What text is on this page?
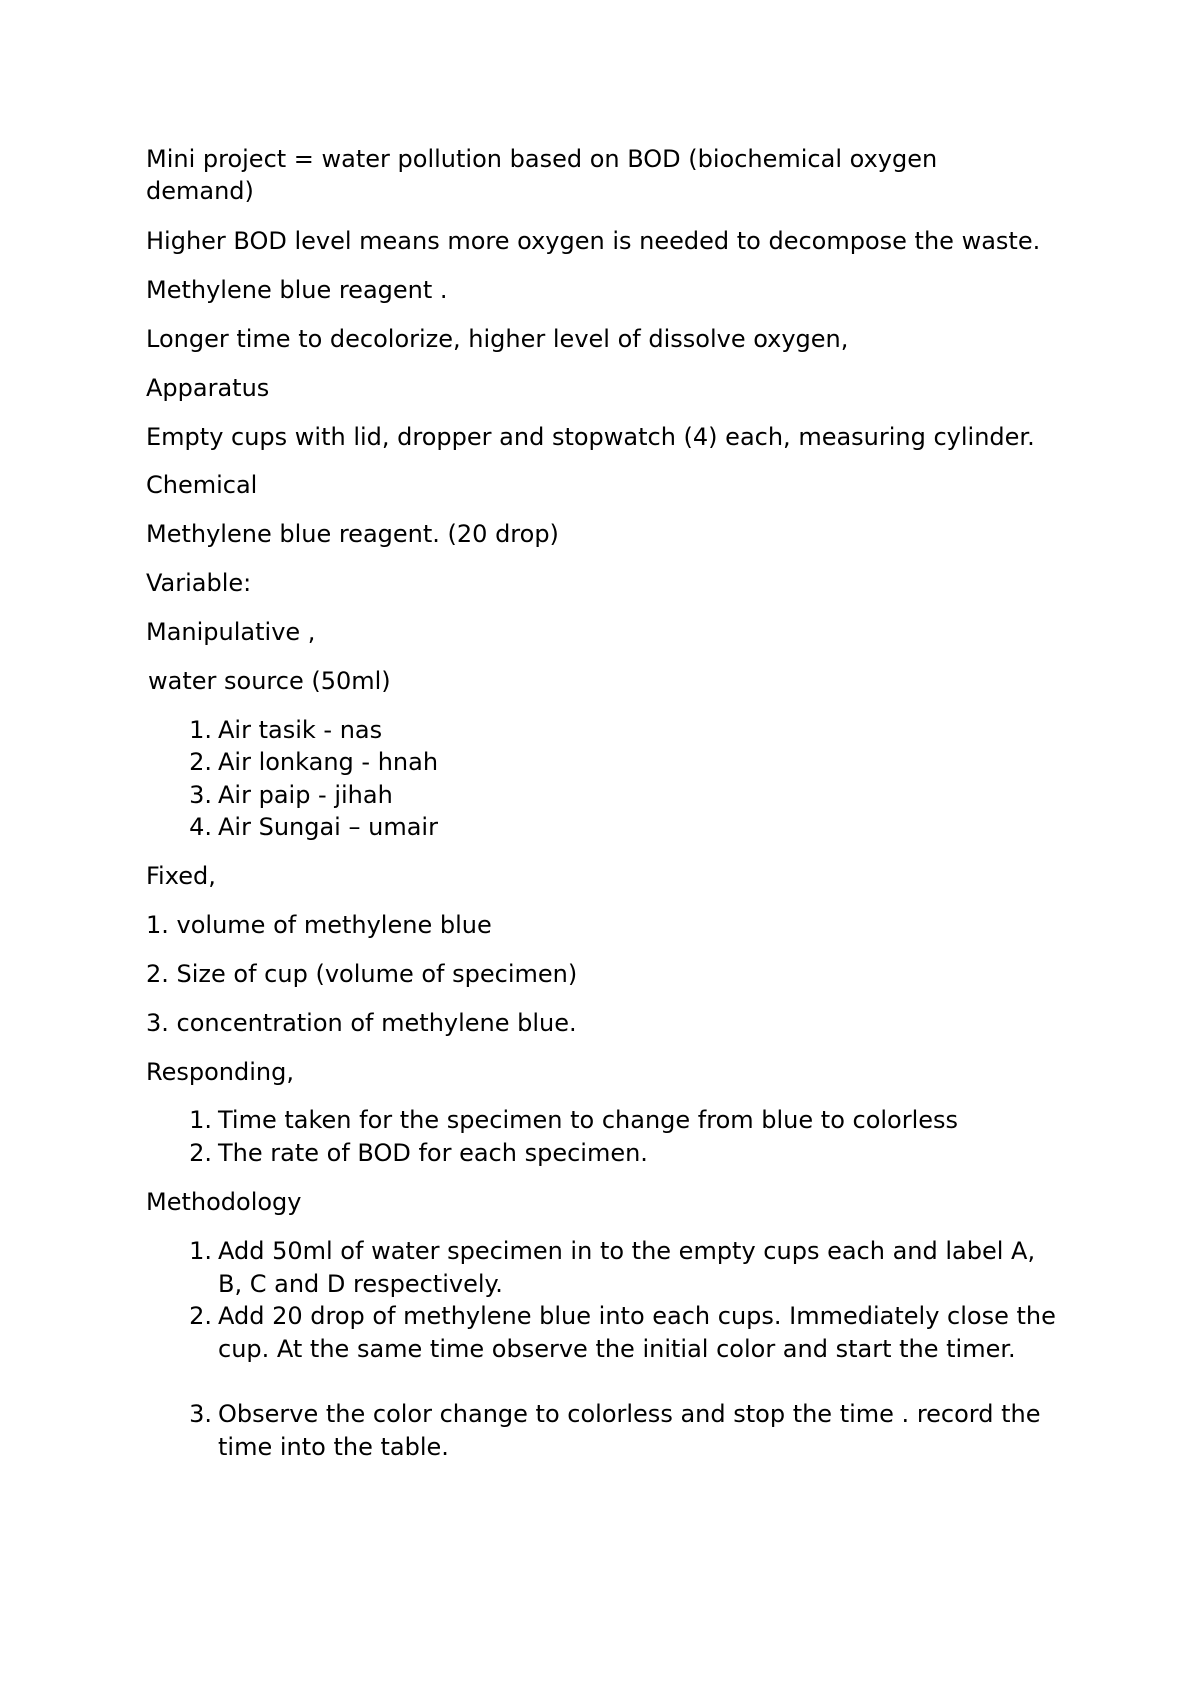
Mini project = water pollution based on BOD (biochemical oxygen demand)

Higher BOD level means more oxygen is needed to decompose the waste.

Methylene blue reagent .

Longer time to decolorize, higher level of dissolve oxygen,

Apparatus

Empty cups with lid, dropper and stopwatch (4) each, measuring cylinder.

Chemical

Methylene blue reagent. (20 drop)

Variable:

Manipulative ,

water source (50ml)

1. Air tasik - nas
2. Air lonkang - hnah
3. Air paip - jihah
4. Air Sungai – umair

Fixed,

1. volume of methylene blue

2. Size of cup (volume of specimen)

3. concentration of methylene blue.

Responding,

1. Time taken for the specimen to change from blue to colorless
2. The rate of BOD for each specimen.

Methodology

1. Add 50ml of water specimen in to the empty cups each and label A, B, C and D respectively.
2. Add 20 drop of methylene blue into each cups. Immediately close the cup. At the same time observe the initial color and start the timer.
3. Observe the color change to colorless and stop the time . record the time into the table.
